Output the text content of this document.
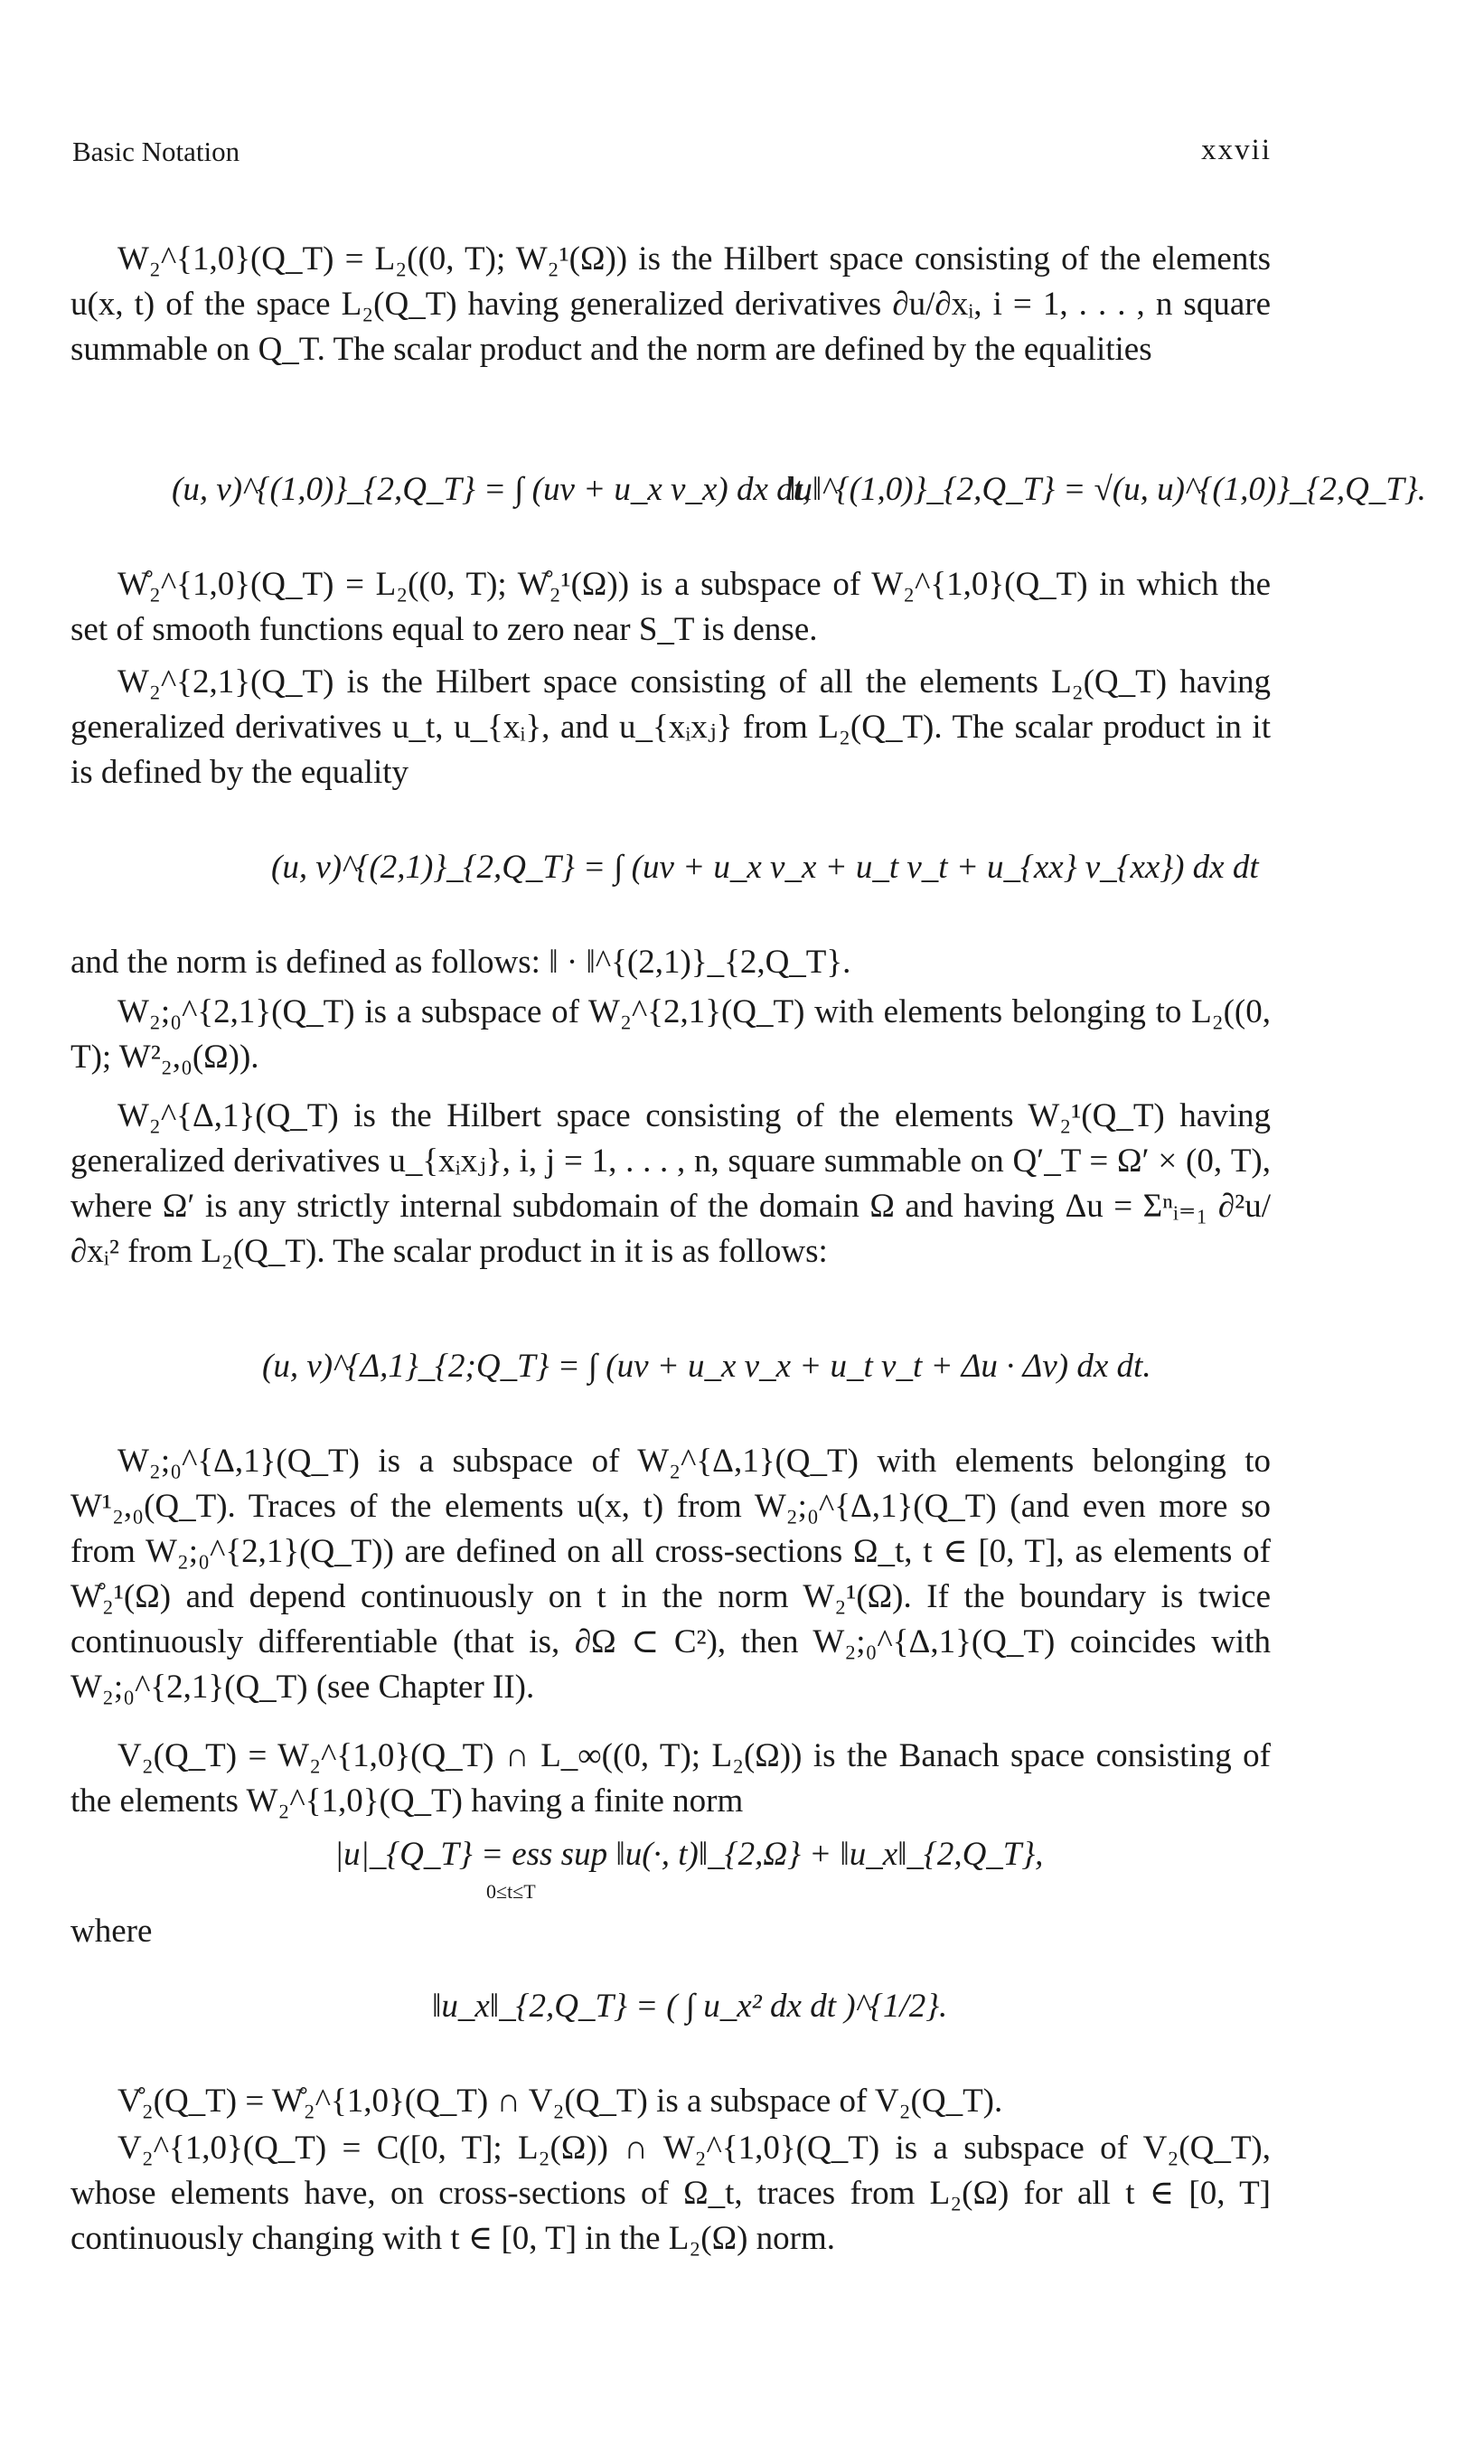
Basic Notation	xxvii

W₂^{1,0}(Q_T) = L₂((0, T); W₂¹(Ω)) is the Hilbert space consisting of the elements u(x, t) of the space L₂(Q_T) having generalized derivatives ∂u/∂xᵢ, i = 1, . . . , n square summable on Q_T. The scalar product and the norm are defined by the equalities

(u, v)^{(1,0)}_{2,Q_T} = ∫ (uv + u_x v_x) dx dt,
‖u‖^{(1,0)}_{2,Q_T} = √(u, u)^{(1,0)}_{2,Q_T}.

W̊₂^{1,0}(Q_T) = L₂((0, T); W̊₂¹(Ω)) is a subspace of W₂^{1,0}(Q_T) in which the set of smooth functions equal to zero near S_T is dense.

W₂^{2,1}(Q_T) is the Hilbert space consisting of all the elements L₂(Q_T) having generalized derivatives u_t, u_{xᵢ}, and u_{xᵢxⱼ} from L₂(Q_T). The scalar product in it is defined by the equality

(u, v)^{(2,1)}_{2,Q_T} = ∫ (uv + u_x v_x + u_t v_t + u_{xx} v_{xx}) dx dt

and the norm is defined as follows: ‖ · ‖^{(2,1)}_{2,Q_T}.

W₂;₀^{2,1}(Q_T) is a subspace of W₂^{2,1}(Q_T) with elements belonging to L₂((0, T); W²₂,₀(Ω)).

W₂^{Δ,1}(Q_T) is the Hilbert space consisting of the elements W₂¹(Q_T) having generalized derivatives u_{xᵢxⱼ}, i, j = 1, . . . , n, square summable on Q′_T = Ω′ × (0, T), where Ω′ is any strictly internal subdomain of the domain Ω and having Δu = Σⁿᵢ₌₁ ∂²u/∂xᵢ² from L₂(Q_T). The scalar product in it is as follows:

(u, v)^{Δ,1}_{2;Q_T} = ∫ (uv + u_x v_x + u_t v_t + Δu · Δv) dx dt.

W₂;₀^{Δ,1}(Q_T) is a subspace of W₂^{Δ,1}(Q_T) with elements belonging to W¹₂,₀(Q_T). Traces of the elements u(x, t) from W₂;₀^{Δ,1}(Q_T) (and even more so from W₂;₀^{2,1}(Q_T)) are defined on all cross-sections Ω_t, t ∈ [0, T], as elements of W̊₂¹(Ω) and depend continuously on t in the norm W₂¹(Ω). If the boundary is twice continuously differentiable (that is, ∂Ω ⊂ C²), then W₂;₀^{Δ,1}(Q_T) coincides with W₂;₀^{2,1}(Q_T) (see Chapter II).

V₂(Q_T) = W₂^{1,0}(Q_T) ∩ L_∞((0, T); L₂(Ω)) is the Banach space consisting of the elements W₂^{1,0}(Q_T) having a finite norm

|u|_{Q_T} = ess sup ‖u(·, t)‖_{2,Ω} + ‖u_x‖_{2,Q_T},
0≤t≤T

where

‖u_x‖_{2,Q_T} = ( ∫ u_x² dx dt )^{1/2}.

V̊₂(Q_T) = W̊₂^{1,0}(Q_T) ∩ V₂(Q_T) is a subspace of V₂(Q_T).

V₂^{1,0}(Q_T) = C([0, T]; L₂(Ω)) ∩ W₂^{1,0}(Q_T) is a subspace of V₂(Q_T), whose elements have, on cross-sections of Ω_t, traces from L₂(Ω) for all t ∈ [0, T] continuously changing with t ∈ [0, T] in the L₂(Ω) norm.
